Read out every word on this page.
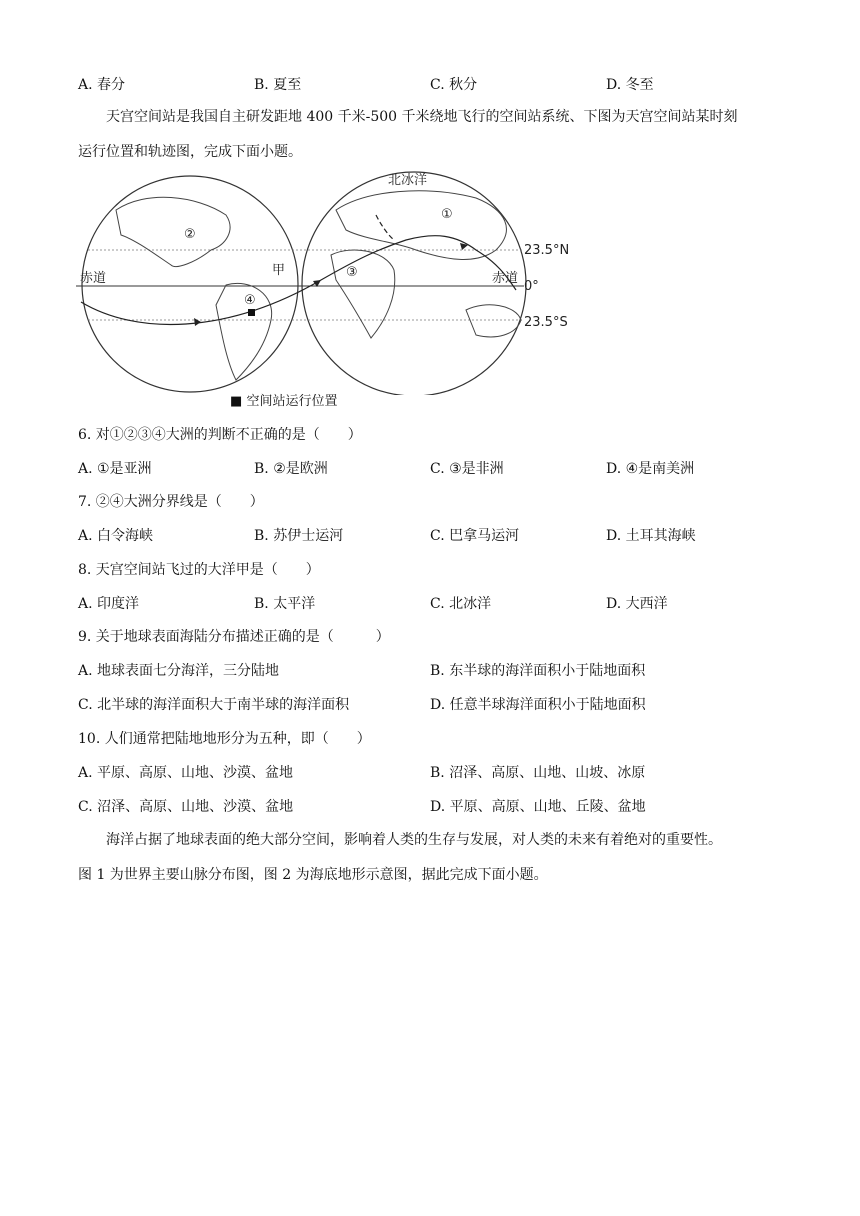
A. 春分	B. 夏至	C. 秋分	D. 冬至
天宫空间站是我国自主研发距地 400 千米-500 千米绕地飞行的空间站系统、下图为天宫空间站某时刻
运行位置和轨迹图，完成下面小题。
北冰洋
①
②
③
④
甲
赤道	赤道
23.5°N
0°
23.5°S
■ 空间站运行位置
6. 对①②③④大洲的判断不正确的是（　　）
A. ①是亚洲	B. ②是欧洲	C. ③是非洲	D. ④是南美洲
7. ②④大洲分界线是（　　）
A. 白令海峡	B. 苏伊士运河	C. 巴拿马运河	D. 土耳其海峡
8. 天宫空间站飞过的大洋甲是（　　）
A. 印度洋	B. 太平洋	C. 北冰洋	D. 大西洋
9. 关于地球表面海陆分布描述正确的是（　　　）
A. 地球表面七分海洋，三分陆地	B. 东半球的海洋面积小于陆地面积
C. 北半球的海洋面积大于南半球的海洋面积	D. 任意半球海洋面积小于陆地面积
10. 人们通常把陆地地形分为五种，即（　　）
A. 平原、高原、山地、沙漠、盆地	B. 沼泽、高原、山地、山坡、冰原
C. 沼泽、高原、山地、沙漠、盆地	D. 平原、高原、山地、丘陵、盆地
海洋占据了地球表面的绝大部分空间，影响着人类的生存与发展，对人类的未来有着绝对的重要性。
图 1 为世界主要山脉分布图，图 2 为海底地形示意图，据此完成下面小题。
